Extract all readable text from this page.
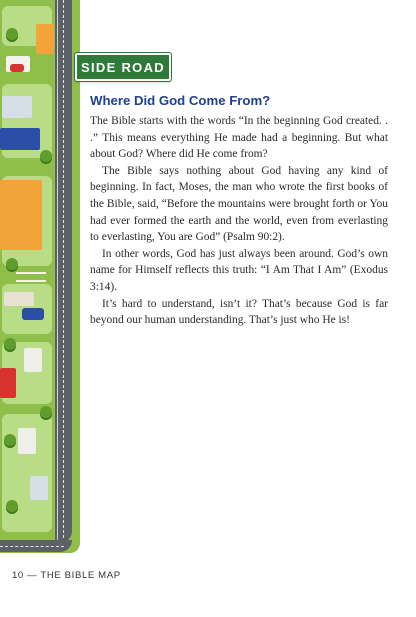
SIDE ROAD
Where Did God Come From?

The Bible starts with the words “In the beginning God created. . .” This means everything He made had a beginning. But what about God? Where did He come from?

The Bible says nothing about God having any kind of beginning. In fact, Moses, the man who wrote the first books of the Bible, said, “Before the mountains were brought forth or You had ever formed the earth and the world, even from everlasting to everlasting, You are God” (Psalm 90:2).

In other words, God has just always been around. God’s own name for Himself reflects this truth: “I Am That I Am” (Exodus 3:14).

It’s hard to understand, isn’t it? That’s because God is far beyond our human understanding. That’s just who He is!

10 — THE BIBLE MAP
